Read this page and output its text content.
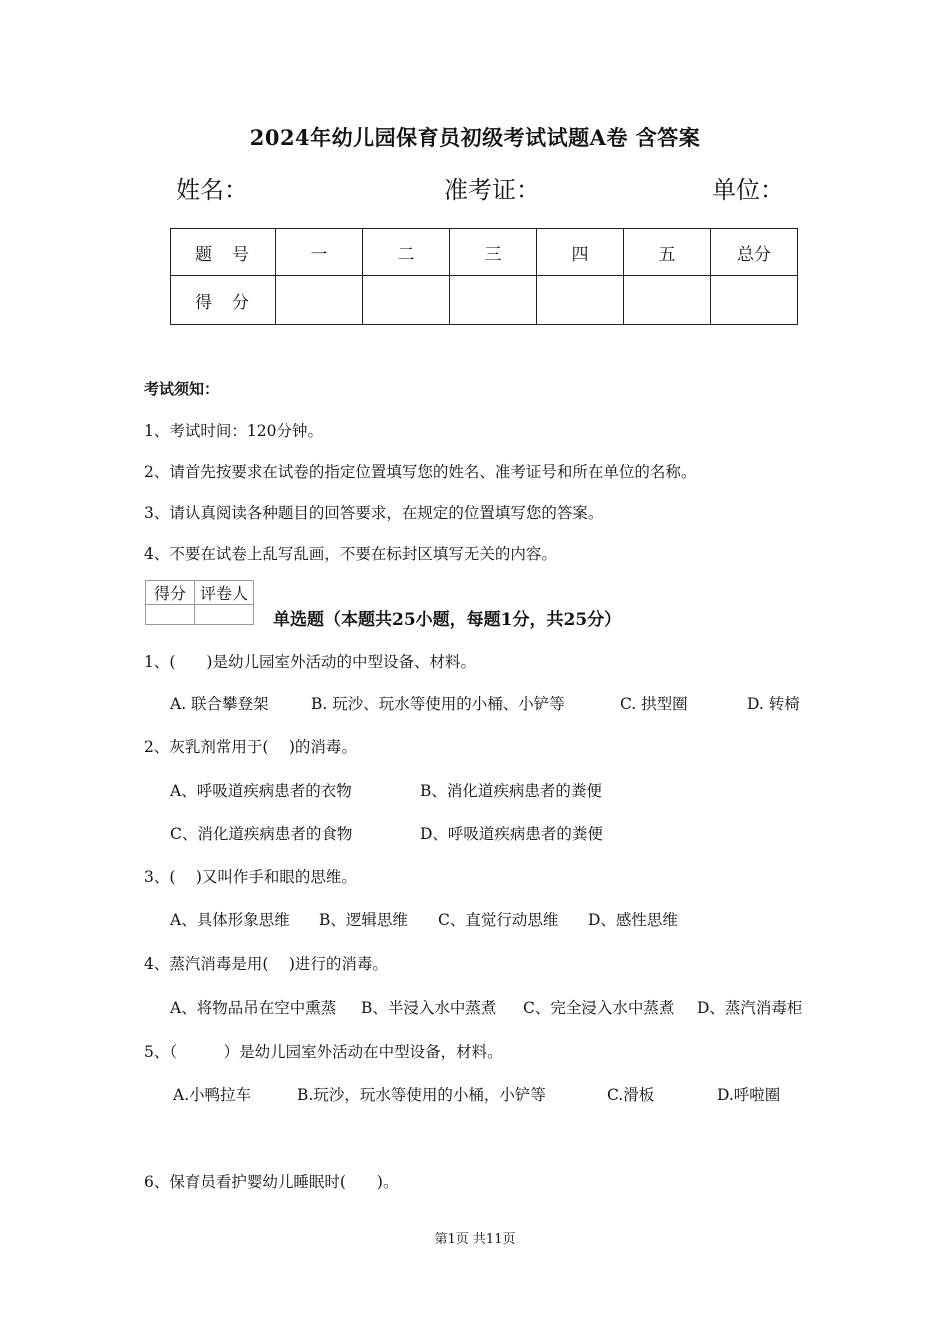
2024年幼儿园保育员初级考试试题A卷 含答案
姓名：	准考证：	单位：
题号	一	二	三	四	五	总分
得分						
考试须知：
1、考试时间：120分钟。
2、请首先按要求在试卷的指定位置填写您的姓名、准考证号和所在单位的名称。
3、请认真阅读各种题目的回答要求，在规定的位置填写您的答案。
4、不要在试卷上乱写乱画，不要在标封区填写无关的内容。
得分	评卷人

单选题（本题共25小题，每题1分，共25分）
1、(　　)是幼儿园室外活动的中型设备、材料。
A. 联合攀登架	B. 玩沙、玩水等使用的小桶、小铲等	C. 拱型圈	D. 转椅
2、灰乳剂常用于(　 )的消毒。
A、呼吸道疾病患者的衣物	B、消化道疾病患者的粪便
C、消化道疾病患者的食物	D、呼吸道疾病患者的粪便
3、(　 )又叫作手和眼的思维。
A、具体形象思维 B、逻辑思维 C、直觉行动思维 D、感性思维
4、蒸汽消毒是用(　 )进行的消毒。
A、将物品吊在空中熏蒸 B、半浸入水中蒸煮 C、完全浸入水中蒸煮 D、蒸汽消毒柜
5、（　　　）是幼儿园室外活动在中型设备，材料。
A.小鸭拉车	B.玩沙，玩水等使用的小桶，小铲等	C.滑板	D.呼啦圈
6、保育员看护婴幼儿睡眠时(　　)。
第1页 共11页
